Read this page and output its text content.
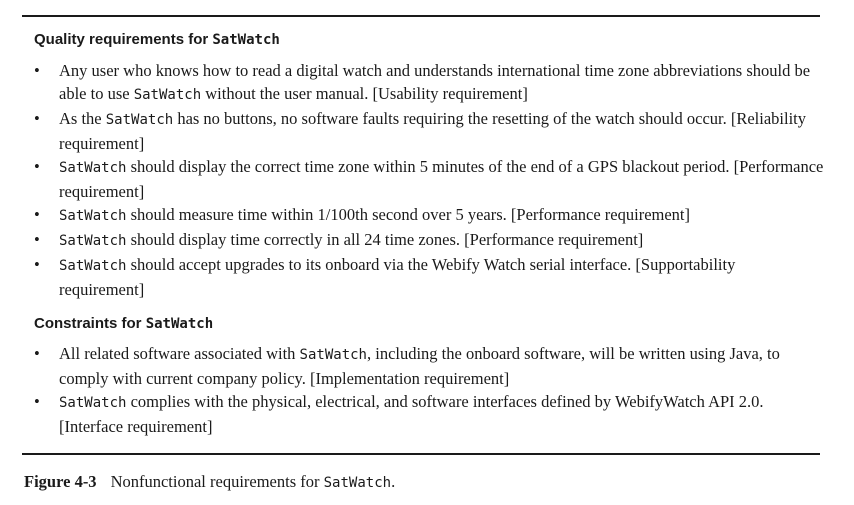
Quality requirements for SatWatch
• Any user who knows how to read a digital watch and understands international time zone abbreviations should be able to use SatWatch without the user manual. [Usability requirement]
• As the SatWatch has no buttons, no software faults requiring the resetting of the watch should occur. [Reliability requirement]
• SatWatch should display the correct time zone within 5 minutes of the end of a GPS blackout period. [Performance requirement]
• SatWatch should measure time within 1/100th second over 5 years. [Performance requirement]
• SatWatch should display time correctly in all 24 time zones. [Performance requirement]
• SatWatch should accept upgrades to its onboard via the Webify Watch serial interface. [Supportability requirement]
Constraints for SatWatch
• All related software associated with SatWatch, including the onboard software, will be written using Java, to comply with current company policy. [Implementation requirement]
• SatWatch complies with the physical, electrical, and software interfaces defined by WebifyWatch API 2.0. [Interface requirement]
Figure 4-3 Nonfunctional requirements for SatWatch.
